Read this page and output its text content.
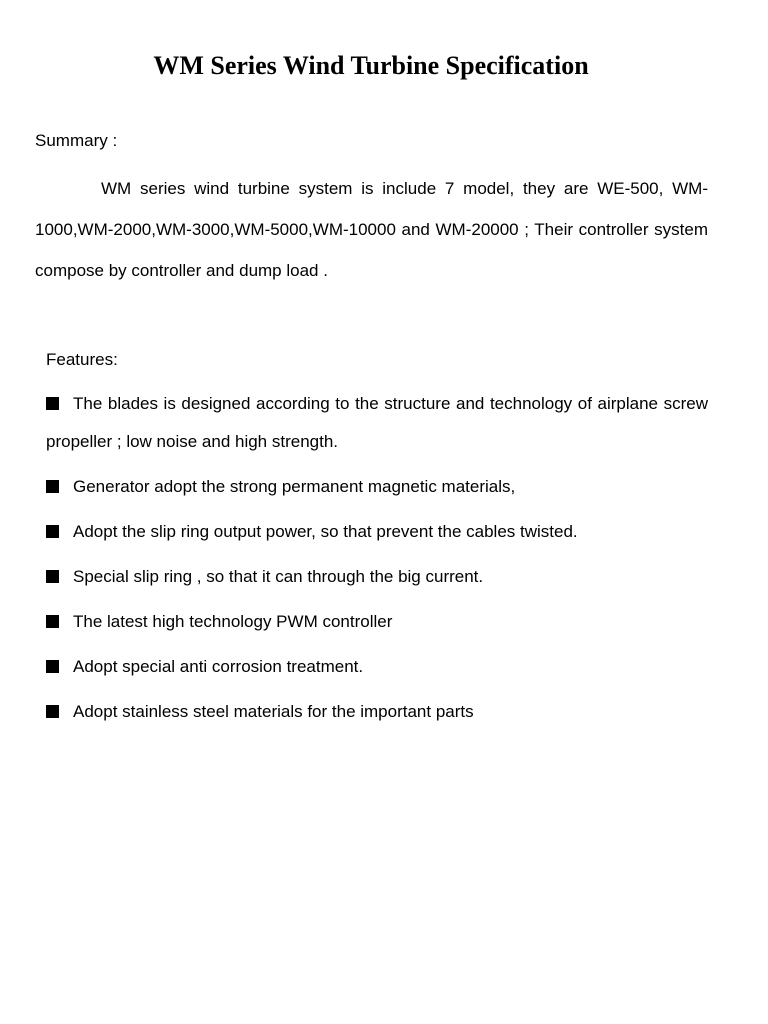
WM Series Wind Turbine Specification
Summary :

WM series wind turbine system is include 7 model, they are WE-500, WM-1000,WM-2000,WM-3000,WM-5000,WM-10000 and WM-20000 ; Their controller system compose by controller and dump load .

Features:
The blades is designed according to the structure and technology of airplane screw propeller ; low noise and high strength.
Generator adopt the strong permanent magnetic materials,
Adopt the slip ring output power, so that prevent the cables twisted.
Special slip ring , so that it can through the big current.
The latest high technology PWM controller
Adopt special anti corrosion treatment.
Adopt stainless steel materials for the important parts
